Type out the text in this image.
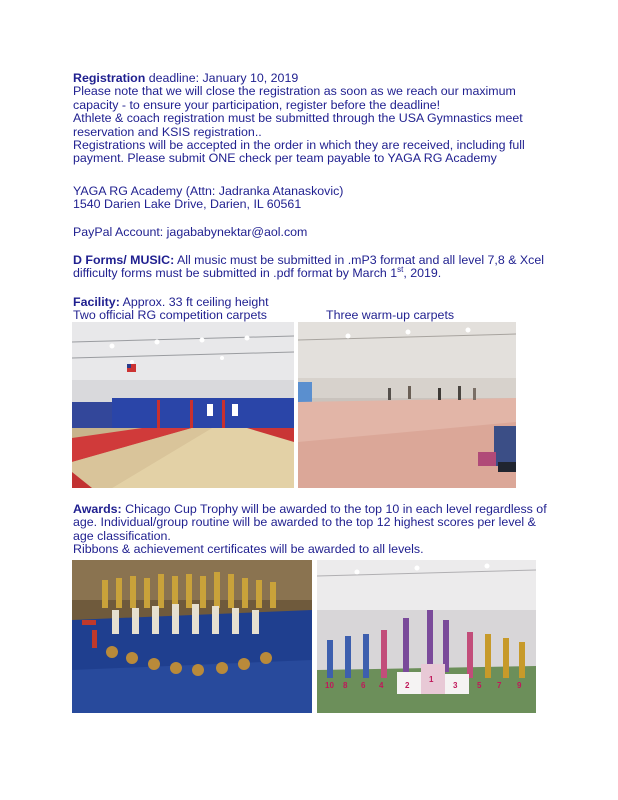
Registration deadline: January 10, 2019
Please note that we will close the registration as soon as we reach our maximum
capacity - to ensure your participation, register before the deadline!
Athlete & coach registration must be submitted through the USA Gymnastics meet
reservation and KSIS registration..
Registrations will be accepted in the order in which they are received, including full
payment. Please submit ONE check per team payable to YAGA RG Academy
YAGA RG Academy (Attn: Jadranka Atanaskovic)
1540 Darien Lake Drive, Darien, IL 60561
PayPal Account: jagababynektar@aol.com
D Forms/ MUSIC: All music must be submitted in .mP3 format and all level 7,8 & Xcel
difficulty forms must be submitted in .pdf format by March 1st, 2019.
Facility: Approx. 33 ft ceiling height
Two official RG competition carpets	Three warm-up carpets
Awards: Chicago Cup Trophy will be awarded to the top 10 in each level regardless of
age. Individual/group routine will be awarded to the top 12 highest scores per level &
age classification.
Ribbons & achievement certificates will be awarded to all levels.
10 8 6 4	2
1
3 5 7 9
